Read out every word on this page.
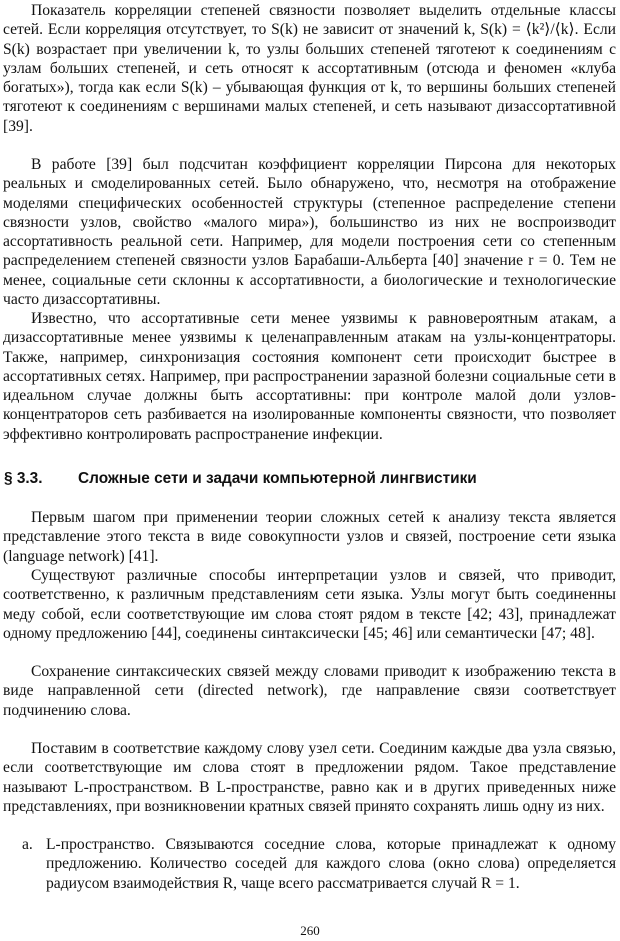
Показатель корреляции степеней связности позволяет выделить отдельные классы сетей. Если корреляция отсутствует, то S(k) не зависит от значений k, S(k) = ⟨k²⟩/⟨k⟩. Если S(k) возрастает при увеличении k, то узлы больших степеней тяготеют к соединениям с узлам больших степеней, и сеть относят к ассортативным (отсюда и феномен «клуба богатых»), тогда как если S(k) – убывающая функция от k, то вершины больших степеней тяготеют к соединениям с вершинами малых степеней, и сеть называют дизассортативной [39].

В работе [39] был подсчитан коэффициент корреляции Пирсона для некоторых реальных и смоделированных сетей. Было обнаружено, что, несмотря на отображение моделями специфических особенностей структуры (степенное распределение степени связности узлов, свойство «малого мира»), большинство из них не воспроизводит ассортативность реальной сети. Например, для модели построения сети со степенным распределением степеней связности узлов Барабаши-Альберта [40] значение r = 0. Тем не менее, социальные сети склонны к ассортативности, а биологические и технологические часто дизассортативны.

Известно, что ассортативные сети менее уязвимы к равновероятным атакам, а дизассортативные менее уязвимы к целенаправленным атакам на узлы-концентраторы. Также, например, синхронизация состояния компонент сети происходит быстрее в ассортативных сетях. Например, при распространении заразной болезни социальные сети в идеальном случае должны быть ассортативны: при контроле малой доли узлов-концентраторов сеть разбивается на изолированные компоненты связности, что позволяет эффективно контролировать распространение инфекции.

§ 3.3. Сложные сети и задачи компьютерной лингвистики

Первым шагом при применении теории сложных сетей к анализу текста является представление этого текста в виде совокупности узлов и связей, построение сети языка (language network) [41].

Существуют различные способы интерпретации узлов и связей, что приводит, соответственно, к различным представлениям сети языка. Узлы могут быть соединенны меду собой, если соответствующие им слова стоят рядом в тексте [42; 43], принадлежат одному предложению [44], соединены синтаксически [45; 46] или семантически [47; 48].

Сохранение синтаксических связей между словами приводит к изображению текста в виде направленной сети (directed network), где направление связи соответствует подчинению слова.

Поставим в соответствие каждому слову узел сети. Соединим каждые два узла связью, если соответствующие им слова стоят в предложении рядом. Такое представление называют L-пространством. В L-пространстве, равно как и в других приведенных ниже представлениях, при возникновении кратных связей принято сохранять лишь одну из них.

a. L-пространство. Связываются соседние слова, которые принадлежат к одному предложению. Количество соседей для каждого слова (окно слова) определяется радиусом взаимодействия R, чаще всего рассматривается случай R = 1.
260
